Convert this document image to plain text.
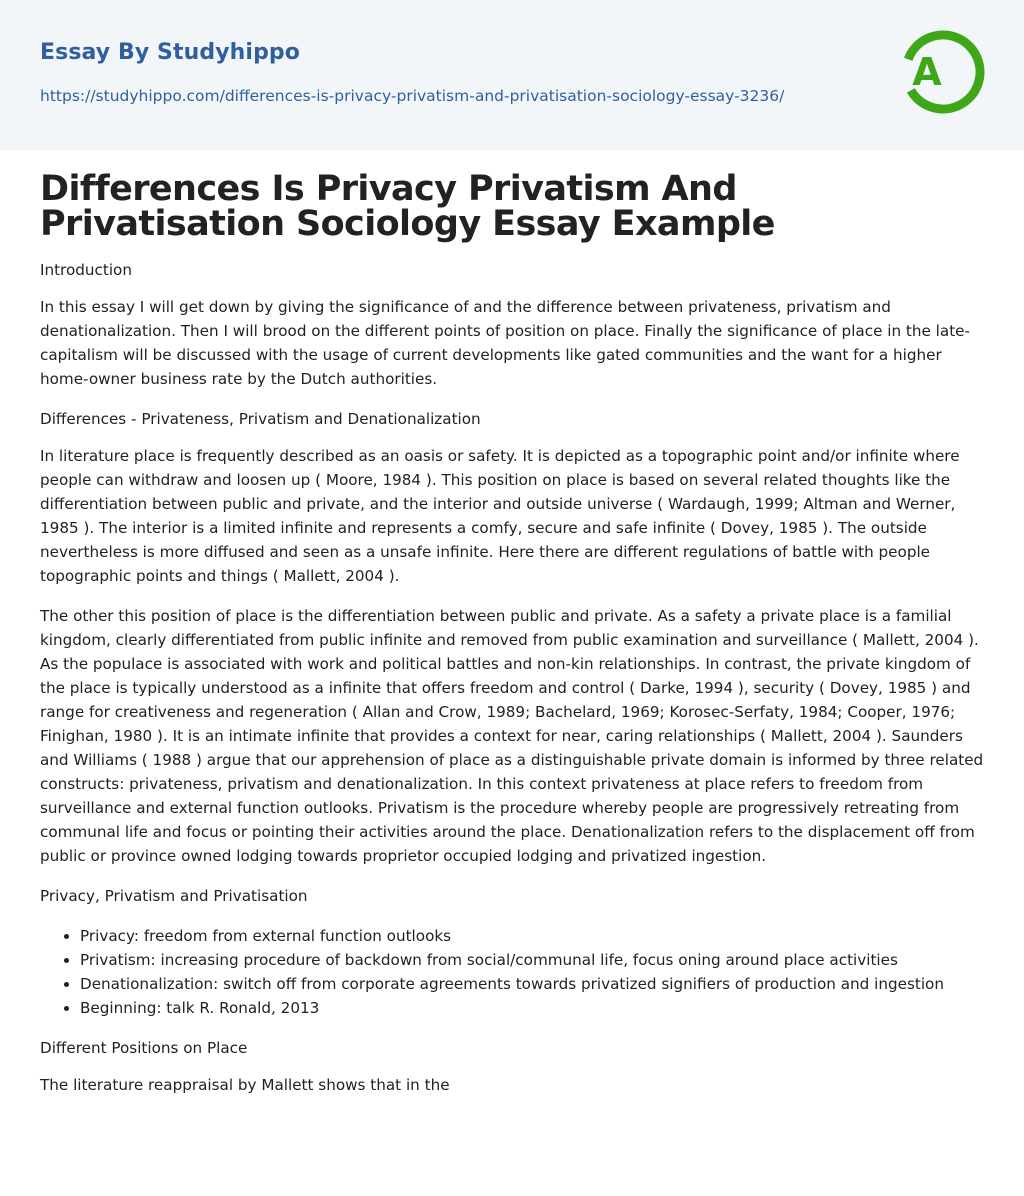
Essay By Studyhippo
https://studyhippo.com/differences-is-privacy-privatism-and-privatisation-sociology-essay-3236/
A
Differences Is Privacy Privatism And Privatisation Sociology Essay Example

Introduction

In this essay I will get down by giving the significance of and the difference between privateness, privatism and denationalization. Then I will brood on the different points of position on place. Finally the significance of place in the late-capitalism will be discussed with the usage of current developments like gated communities and the want for a higher home-owner business rate by the Dutch authorities.

Differences - Privateness, Privatism and Denationalization

In literature place is frequently described as an oasis or safety. It is depicted as a topographic point and/or infinite where people can withdraw and loosen up ( Moore, 1984 ). This position on place is based on several related thoughts like the differentiation between public and private, and the interior and outside universe ( Wardaugh, 1999; Altman and Werner, 1985 ). The interior is a limited infinite and represents a comfy, secure and safe infinite ( Dovey, 1985 ). The outside nevertheless is more diffused and seen as a unsafe infinite. Here there are different regulations of battle with people topographic points and things ( Mallett, 2004 ).

The other this position of place is the differentiation between public and private. As a safety a private place is a familial kingdom, clearly differentiated from public infinite and removed from public examination and surveillance ( Mallett, 2004 ). As the populace is associated with work and political battles and non-kin relationships. In contrast, the private kingdom of the place is typically understood as a infinite that offers freedom and control ( Darke, 1994 ), security ( Dovey, 1985 ) and range for creativeness and regeneration ( Allan and Crow, 1989; Bachelard, 1969; Korosec-Serfaty, 1984; Cooper, 1976; Finighan, 1980 ). It is an intimate infinite that provides a context for near, caring relationships ( Mallett, 2004 ). Saunders and Williams ( 1988 ) argue that our apprehension of place as a distinguishable private domain is informed by three related constructs: privateness, privatism and denationalization. In this context privateness at place refers to freedom from surveillance and external function outlooks. Privatism is the procedure whereby people are progressively retreating from communal life and focus or pointing their activities around the place. Denationalization refers to the displacement off from public or province owned lodging towards proprietor occupied lodging and privatized ingestion.

Privacy, Privatism and Privatisation

• Privacy: freedom from external function outlooks
• Privatism: increasing procedure of backdown from social/communal life, focus oning around place activities
• Denationalization: switch off from corporate agreements towards privatized signifiers of production and ingestion
• Beginning: talk R. Ronald, 2013

Different Positions on Place

The literature reappraisal by Mallett shows that in the
